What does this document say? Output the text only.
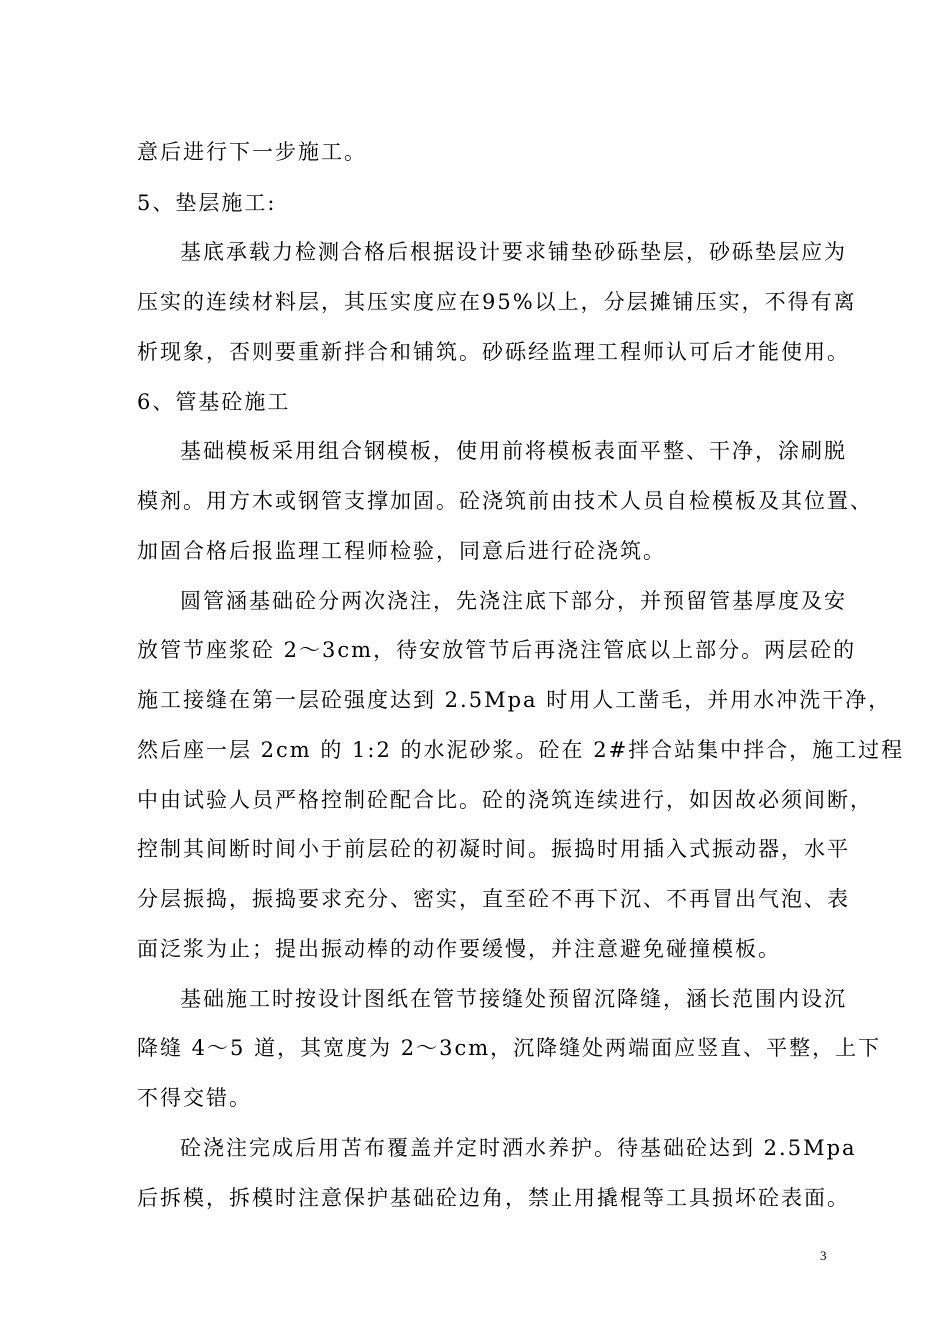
意后进行下一步施工。
5、垫层施工:
基底承载力检测合格后根据设计要求铺垫砂砾垫层，砂砾垫层应为
压实的连续材料层，其压实度应在95%以上，分层摊铺压实，不得有离
析现象，否则要重新拌合和铺筑。砂砾经监理工程师认可后才能使用。
6、管基砼施工
基础模板采用组合钢模板，使用前将模板表面平整、干净，涂刷脱
模剂。用方木或钢管支撑加固。砼浇筑前由技术人员自检模板及其位置、
加固合格后报监理工程师检验，同意后进行砼浇筑。
圆管涵基础砼分两次浇注，先浇注底下部分，并预留管基厚度及安
放管节座浆砼 2～3cm，待安放管节后再浇注管底以上部分。两层砼的
施工接缝在第一层砼强度达到 2.5Mpa 时用人工凿毛，并用水冲洗干净，
然后座一层 2cm 的 1:2 的水泥砂浆。砼在 2#拌合站集中拌合，施工过程
中由试验人员严格控制砼配合比。砼的浇筑连续进行，如因故必须间断，
控制其间断时间小于前层砼的初凝时间。振捣时用插入式振动器，水平
分层振捣，振捣要求充分、密实，直至砼不再下沉、不再冒出气泡、表
面泛浆为止；提出振动棒的动作要缓慢，并注意避免碰撞模板。
基础施工时按设计图纸在管节接缝处预留沉降缝，涵长范围内设沉
降缝 4～5 道，其宽度为 2～3cm，沉降缝处两端面应竖直、平整，上下
不得交错。
砼浇注完成后用苫布覆盖并定时洒水养护。待基础砼达到 2.5Mpa
后拆模，拆模时注意保护基础砼边角，禁止用撬棍等工具损坏砼表面。
3
